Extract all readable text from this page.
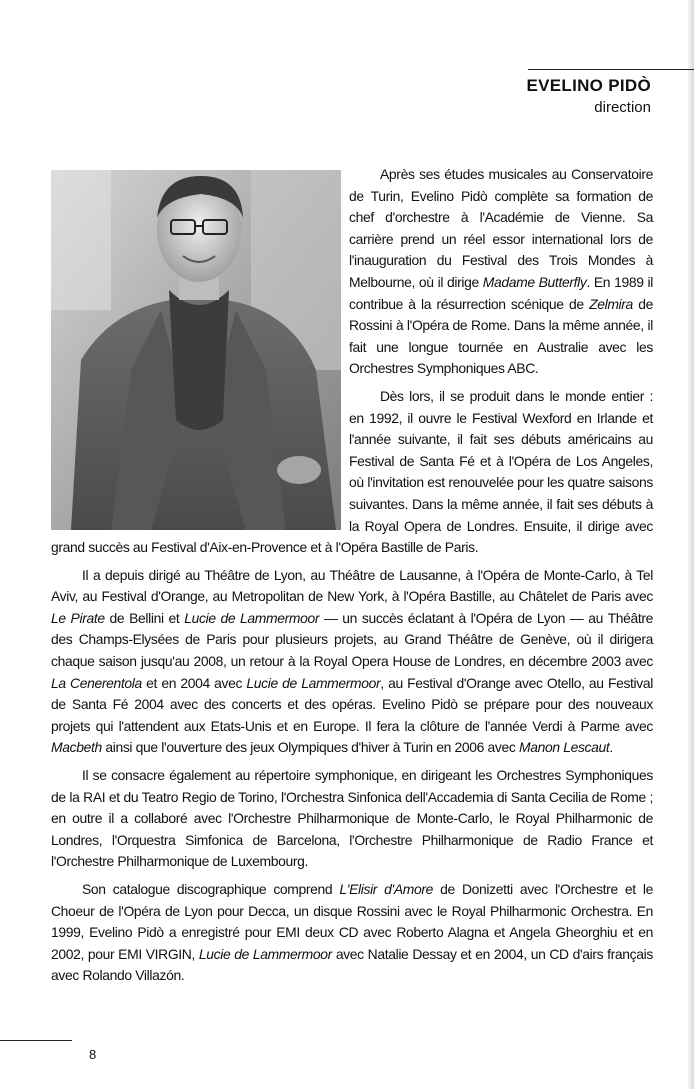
EVELINO PIDÒ
direction

Après ses études musicales au Conservatoire de Turin, Evelino Pidò complète sa formation de chef d'orchestre à l'Académie de Vienne. Sa carrière prend un réel essor international lors de l'inauguration du Festival des Trois Mondes à Melbourne, où il dirige Madame Butterfly. En 1989 il contribue à la résurrection scénique de Zelmira de Rossini à l'Opéra de Rome. Dans la même année, il fait une longue tournée en Australie avec les Orchestres Symphoniques ABC.

Dès lors, il se produit dans le monde entier : en 1992, il ouvre le Festival Wexford en Irlande et l'année suivante, il fait ses débuts américains au Festival de Santa Fé et à l'Opéra de Los Angeles, où l'invitation est renouvelée pour les quatre saisons suivantes. Dans la même année, il fait ses débuts à la Royal Opera de Londres. Ensuite, il dirige avec grand succès au Festival d'Aix-en-Provence et à l'Opéra Bastille de Paris.

Il a depuis dirigé au Théâtre de Lyon, au Théâtre de Lausanne, à l'Opéra de Monte-Carlo, à Tel Aviv, au Festival d'Orange, au Metropolitan de New York, à l'Opéra Bastille, au Châtelet de Paris avec Le Pirate de Bellini et Lucie de Lammermoor — un succès éclatant à l'Opéra de Lyon — au Théâtre des Champs-Elysées de Paris pour plusieurs projets, au Grand Théâtre de Genève, où il dirigera chaque saison jusqu'au 2008, un retour à la Royal Opera House de Londres, en décembre 2003 avec La Cenerentola et en 2004 avec Lucie de Lammermoor, au Festival d'Orange avec Otello, au Festival de Santa Fé 2004 avec des concerts et des opéras. Evelino Pidò se prépare pour des nouveaux projets qui l'attendent aux Etats-Unis et en Europe. Il fera la clôture de l'année Verdi à Parme avec Macbeth ainsi que l'ouverture des jeux Olympiques d'hiver à Turin en 2006 avec Manon Lescaut.

Il se consacre également au répertoire symphonique, en dirigeant les Orchestres Symphoniques de la RAI et du Teatro Regio de Torino, l'Orchestra Sinfonica dell'Accademia di Santa Cecilia de Rome ; en outre il a collaboré avec l'Orchestre Philharmonique de Monte-Carlo, le Royal Philharmonic de Londres, l'Orquestra Simfonica de Barcelona, l'Orchestre Philharmonique de Radio France et l'Orchestre Philharmonique de Luxembourg.

Son catalogue discographique comprend L'Elisir d'Amore de Donizetti avec l'Orchestre et le Choeur de l'Opéra de Lyon pour Decca, un disque Rossini avec le Royal Philharmonic Orchestra. En 1999, Evelino Pidò a enregistré pour EMI deux CD avec Roberto Alagna et Angela Gheorghiu et en 2002, pour EMI VIRGIN, Lucie de Lammermoor avec Natalie Dessay et en 2004, un CD d'airs français avec Rolando Villazón.

8
